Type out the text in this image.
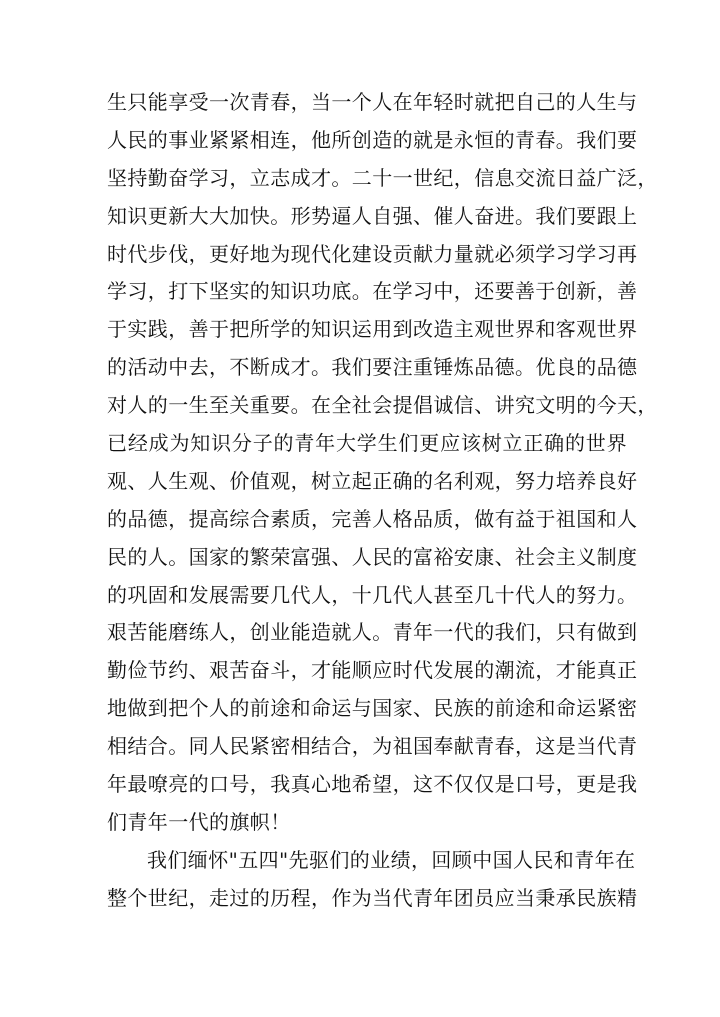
生只能享受一次青春，当一个人在年轻时就把自己的人生与
人民的事业紧紧相连，他所创造的就是永恒的青春。我们要
坚持勤奋学习，立志成才。二十一世纪，信息交流日益广泛，
知识更新大大加快。形势逼人自强、催人奋进。我们要跟上
时代步伐，更好地为现代化建设贡献力量就必须学习学习再
学习，打下坚实的知识功底。在学习中，还要善于创新，善
于实践，善于把所学的知识运用到改造主观世界和客观世界
的活动中去，不断成才。我们要注重锤炼品德。优良的品德
对人的一生至关重要。在全社会提倡诚信、讲究文明的今天，
已经成为知识分子的青年大学生们更应该树立正确的世界
观、人生观、价值观，树立起正确的名利观，努力培养良好
的品德，提高综合素质，完善人格品质，做有益于祖国和人
民的人。国家的繁荣富强、人民的富裕安康、社会主义制度
的巩固和发展需要几代人，十几代人甚至几十代人的努力。
艰苦能磨练人，创业能造就人。青年一代的我们，只有做到
勤俭节约、艰苦奋斗，才能顺应时代发展的潮流，才能真正
地做到把个人的前途和命运与国家、民族的前途和命运紧密
相结合。同人民紧密相结合，为祖国奉献青春，这是当代青
年最嘹亮的口号，我真心地希望，这不仅仅是口号，更是我
们青年一代的旗帜！
我们缅怀"五四"先驱们的业绩，回顾中国人民和青年在
整个世纪，走过的历程，作为当代青年团员应当秉承民族精
